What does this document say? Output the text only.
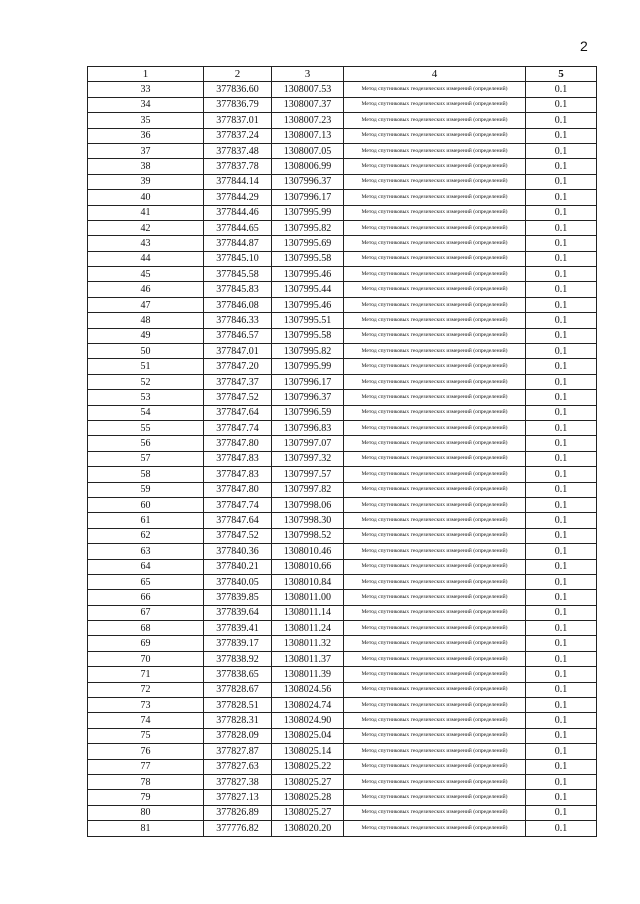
2
1	2	3	4	5
33	377836.60	1308007.53	Метод спутниковых геодезических измерений (определений)	0.1
34	377836.79	1308007.37	Метод спутниковых геодезических измерений (определений)	0.1
35	377837.01	1308007.23	Метод спутниковых геодезических измерений (определений)	0.1
36	377837.24	1308007.13	Метод спутниковых геодезических измерений (определений)	0.1
37	377837.48	1308007.05	Метод спутниковых геодезических измерений (определений)	0.1
38	377837.78	1308006.99	Метод спутниковых геодезических измерений (определений)	0.1
39	377844.14	1307996.37	Метод спутниковых геодезических измерений (определений)	0.1
40	377844.29	1307996.17	Метод спутниковых геодезических измерений (определений)	0.1
41	377844.46	1307995.99	Метод спутниковых геодезических измерений (определений)	0.1
42	377844.65	1307995.82	Метод спутниковых геодезических измерений (определений)	0.1
43	377844.87	1307995.69	Метод спутниковых геодезических измерений (определений)	0.1
44	377845.10	1307995.58	Метод спутниковых геодезических измерений (определений)	0.1
45	377845.58	1307995.46	Метод спутниковых геодезических измерений (определений)	0.1
46	377845.83	1307995.44	Метод спутниковых геодезических измерений (определений)	0.1
47	377846.08	1307995.46	Метод спутниковых геодезических измерений (определений)	0.1
48	377846.33	1307995.51	Метод спутниковых геодезических измерений (определений)	0.1
49	377846.57	1307995.58	Метод спутниковых геодезических измерений (определений)	0.1
50	377847.01	1307995.82	Метод спутниковых геодезических измерений (определений)	0.1
51	377847.20	1307995.99	Метод спутниковых геодезических измерений (определений)	0.1
52	377847.37	1307996.17	Метод спутниковых геодезических измерений (определений)	0.1
53	377847.52	1307996.37	Метод спутниковых геодезических измерений (определений)	0.1
54	377847.64	1307996.59	Метод спутниковых геодезических измерений (определений)	0.1
55	377847.74	1307996.83	Метод спутниковых геодезических измерений (определений)	0.1
56	377847.80	1307997.07	Метод спутниковых геодезических измерений (определений)	0.1
57	377847.83	1307997.32	Метод спутниковых геодезических измерений (определений)	0.1
58	377847.83	1307997.57	Метод спутниковых геодезических измерений (определений)	0.1
59	377847.80	1307997.82	Метод спутниковых геодезических измерений (определений)	0.1
60	377847.74	1307998.06	Метод спутниковых геодезических измерений (определений)	0.1
61	377847.64	1307998.30	Метод спутниковых геодезических измерений (определений)	0.1
62	377847.52	1307998.52	Метод спутниковых геодезических измерений (определений)	0.1
63	377840.36	1308010.46	Метод спутниковых геодезических измерений (определений)	0.1
64	377840.21	1308010.66	Метод спутниковых геодезических измерений (определений)	0.1
65	377840.05	1308010.84	Метод спутниковых геодезических измерений (определений)	0.1
66	377839.85	1308011.00	Метод спутниковых геодезических измерений (определений)	0.1
67	377839.64	1308011.14	Метод спутниковых геодезических измерений (определений)	0.1
68	377839.41	1308011.24	Метод спутниковых геодезических измерений (определений)	0.1
69	377839.17	1308011.32	Метод спутниковых геодезических измерений (определений)	0.1
70	377838.92	1308011.37	Метод спутниковых геодезических измерений (определений)	0.1
71	377838.65	1308011.39	Метод спутниковых геодезических измерений (определений)	0.1
72	377828.67	1308024.56	Метод спутниковых геодезических измерений (определений)	0.1
73	377828.51	1308024.74	Метод спутниковых геодезических измерений (определений)	0.1
74	377828.31	1308024.90	Метод спутниковых геодезических измерений (определений)	0.1
75	377828.09	1308025.04	Метод спутниковых геодезических измерений (определений)	0.1
76	377827.87	1308025.14	Метод спутниковых геодезических измерений (определений)	0.1
77	377827.63	1308025.22	Метод спутниковых геодезических измерений (определений)	0.1
78	377827.38	1308025.27	Метод спутниковых геодезических измерений (определений)	0.1
79	377827.13	1308025.28	Метод спутниковых геодезических измерений (определений)	0.1
80	377826.89	1308025.27	Метод спутниковых геодезических измерений (определений)	0.1
81	377776.82	1308020.20	Метод спутниковых геодезических измерений (определений)	0.1
